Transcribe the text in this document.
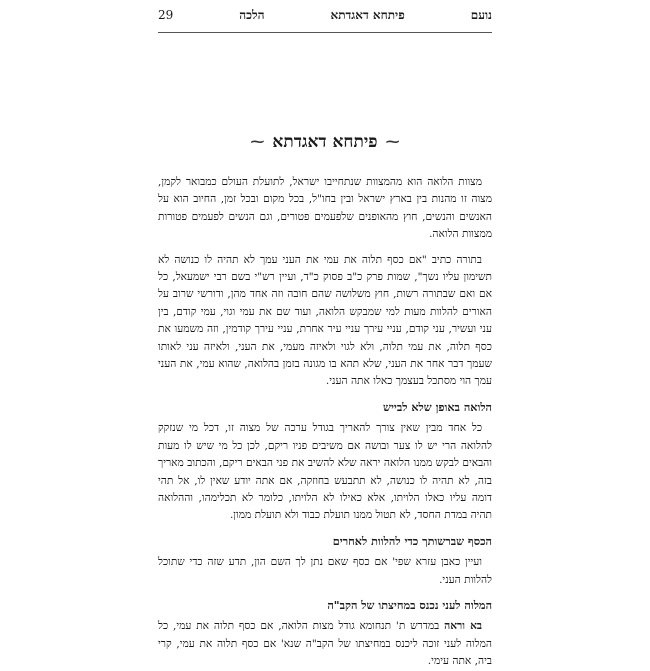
29	הלכה	פיתחא דאגדתא	נועם
⁓
פיתחא דאגדתא
⁓

מצוות הלואה הוא מהמצוות שנתחייבו ישראל, לתועלת העולם כמבואר לקמן, מצוה זו מהנות בין בארץ ישראל ובין בחו"ל, בכל מקום ובכל זמן, החיוב הוא על האנשים והנשים, חוץ מהאופנים שלפעמים פטורים, וגם הנשים לפעמים פטורות ממצוות הלואה.

בתורה כתיב "אם כסף תלוה את עמי את העני עמך לא תהיה לו כנושה לא תשימון עליו נשך", שמות פרק כ"ב פסוק כ"ד, ועיין רש"י בשם רבי ישמעאל, כל אם ואם שבתורה רשות, חוץ משלושה שהם חובה וזה אחד מהן, ודורשי שרוב על האורים להלוות מעות למי שמבקש הלואה, ועוד שם את עמי וגוי, עמי קודם, בין עני ועשיר, עני קודם, עניי עירך עניי עיר אחרת, עניי עירך קודמין, וזה משמעו את כסף תלוה, את עמי תלוה, ולא לגוי ולאיזה מעמי, את העני, ולאיזה עני לאותו שעמך דבר אחר את העני, שלא תהא בו מגונה בזמן בהלואה, שהוא עמי, את העני עמך הוי מסתכל בעצמך כאלו אתה העני.

הלואה באופן שלא לבייש

כל אחד מבין שאין צורך להאריך בגודל ערכה של מצוה זו, דכל מי שנזקק להלואה הרי יש לו צער ובושה אם משיבים פניו ריקם, לכן כל מי שיש לו מעות והבאים לבקש ממנו הלואה יראה שלא להשיב את פני הבאים ריקם, והכתוב מאריך בזה, לא תהיה לו כנושה, לא תתבעש בחוזקה, אם אתה יודע שאין לו, אל תהי דומה עליו כאלו הלויתו, אלא כאילו לא הלויתו, כלומר לא תכלימהו, וההלואה תהיה במדת החסד, לא תטול ממנו תועלת כבוד ולא תועלת ממון.

הכסף שברשותך כדי להלוות לאחרים

ועיין כאבן עזרא שפי' אם כסף שאם נתן לך השם הון, תדע שזה כדי שתוכל להלוות העני.

המלוה לעני נכנס במחיצתו של הקב"ה

בא וראה במדרש ת' תנחומא גודל מצות הלואה, אם כסף תלוה את עמי, כל המלוה לעני זוכה ליכנס במחיצתו של הקב"ה שנא' אם כסף תלוה את עמי, קרי ביה, אתה עימי.
